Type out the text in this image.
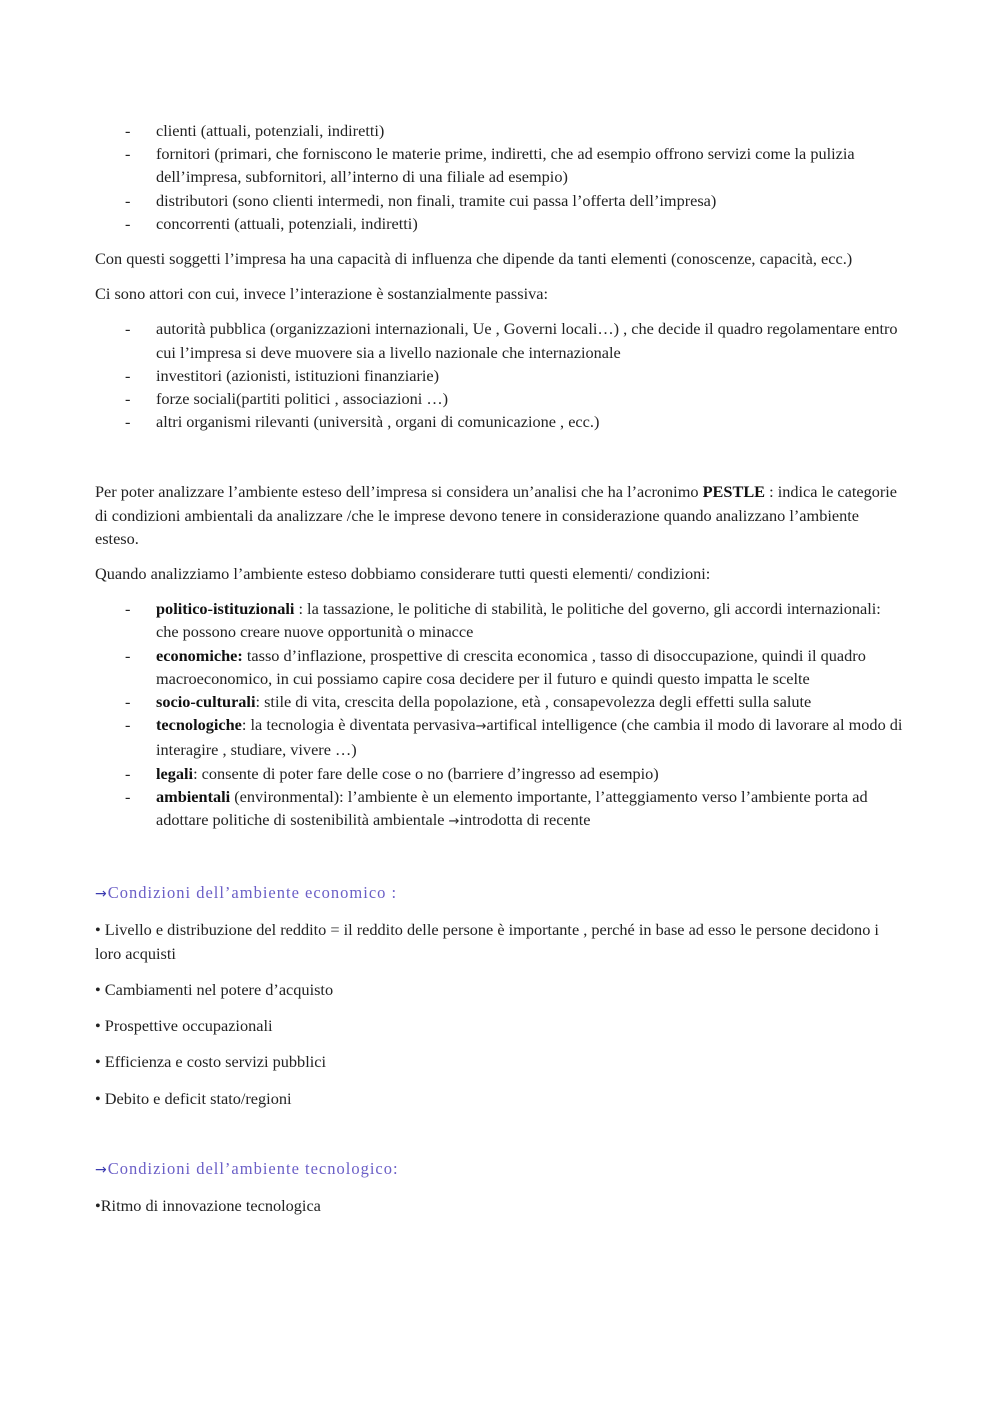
- clienti (attuali, potenziali, indiretti)
- fornitori (primari, che forniscono le materie prime, indiretti, che ad esempio offrono servizi come la pulizia dell’impresa, subfornitori, all’interno di una filiale ad esempio)
- distributori (sono clienti intermedi, non finali, tramite cui passa l’offerta dell’impresa)
- concorrenti (attuali, potenziali, indiretti)

Con questi soggetti l’impresa ha una capacità di influenza che dipende da tanti elementi (conoscenze, capacità, ecc.)

Ci sono attori con cui, invece l’interazione è sostanzialmente passiva:

- autorità pubblica (organizzazioni internazionali, Ue , Governi locali…) , che decide il quadro regolamentare entro cui l’impresa si deve muovere sia a livello nazionale che internazionale
- investitori (azionisti, istituzioni finanziarie)
- forze sociali(partiti politici , associazioni …)
- altri organismi rilevanti (università , organi di comunicazione , ecc.)

Per poter analizzare l’ambiente esteso dell’impresa si considera un’analisi che ha l’acronimo PESTLE : indica le categorie di condizioni ambientali da analizzare /che le imprese devono tenere in considerazione quando analizzano l’ambiente esteso.

Quando analizziamo l’ambiente esteso dobbiamo considerare tutti questi elementi/ condizioni:

- politico-istituzionali : la tassazione, le politiche di stabilità, le politiche del governo, gli accordi internazionali: che possono creare nuove opportunità o minacce
- economiche: tasso d’inflazione, prospettive di crescita economica , tasso di disoccupazione, quindi il quadro macroeconomico, in cui possiamo capire cosa decidere per il futuro e quindi questo impatta le scelte
- socio-culturali: stile di vita, crescita della popolazione, età , consapevolezza degli effetti sulla salute
- tecnologiche: la tecnologia è diventata pervasiva→artifical intelligence (che cambia il modo di lavorare al modo di interagire , studiare, vivere …)
- legali: consente di poter fare delle cose o no (barriere d’ingresso ad esempio)
- ambientali (environmental): l’ambiente è un elemento importante, l’atteggiamento verso l’ambiente porta ad adottare politiche di sostenibilità ambientale →introdotta di recente

→Condizioni dell’ambiente economico :

• Livello e distribuzione del reddito = il reddito delle persone è importante , perché in base ad esso le persone decidono i loro acquisti

• Cambiamenti nel potere d’acquisto

• Prospettive occupazionali

• Efficienza e costo servizi pubblici

• Debito e deficit stato/regioni

→Condizioni dell’ambiente tecnologico:

•Ritmo di innovazione tecnologica
